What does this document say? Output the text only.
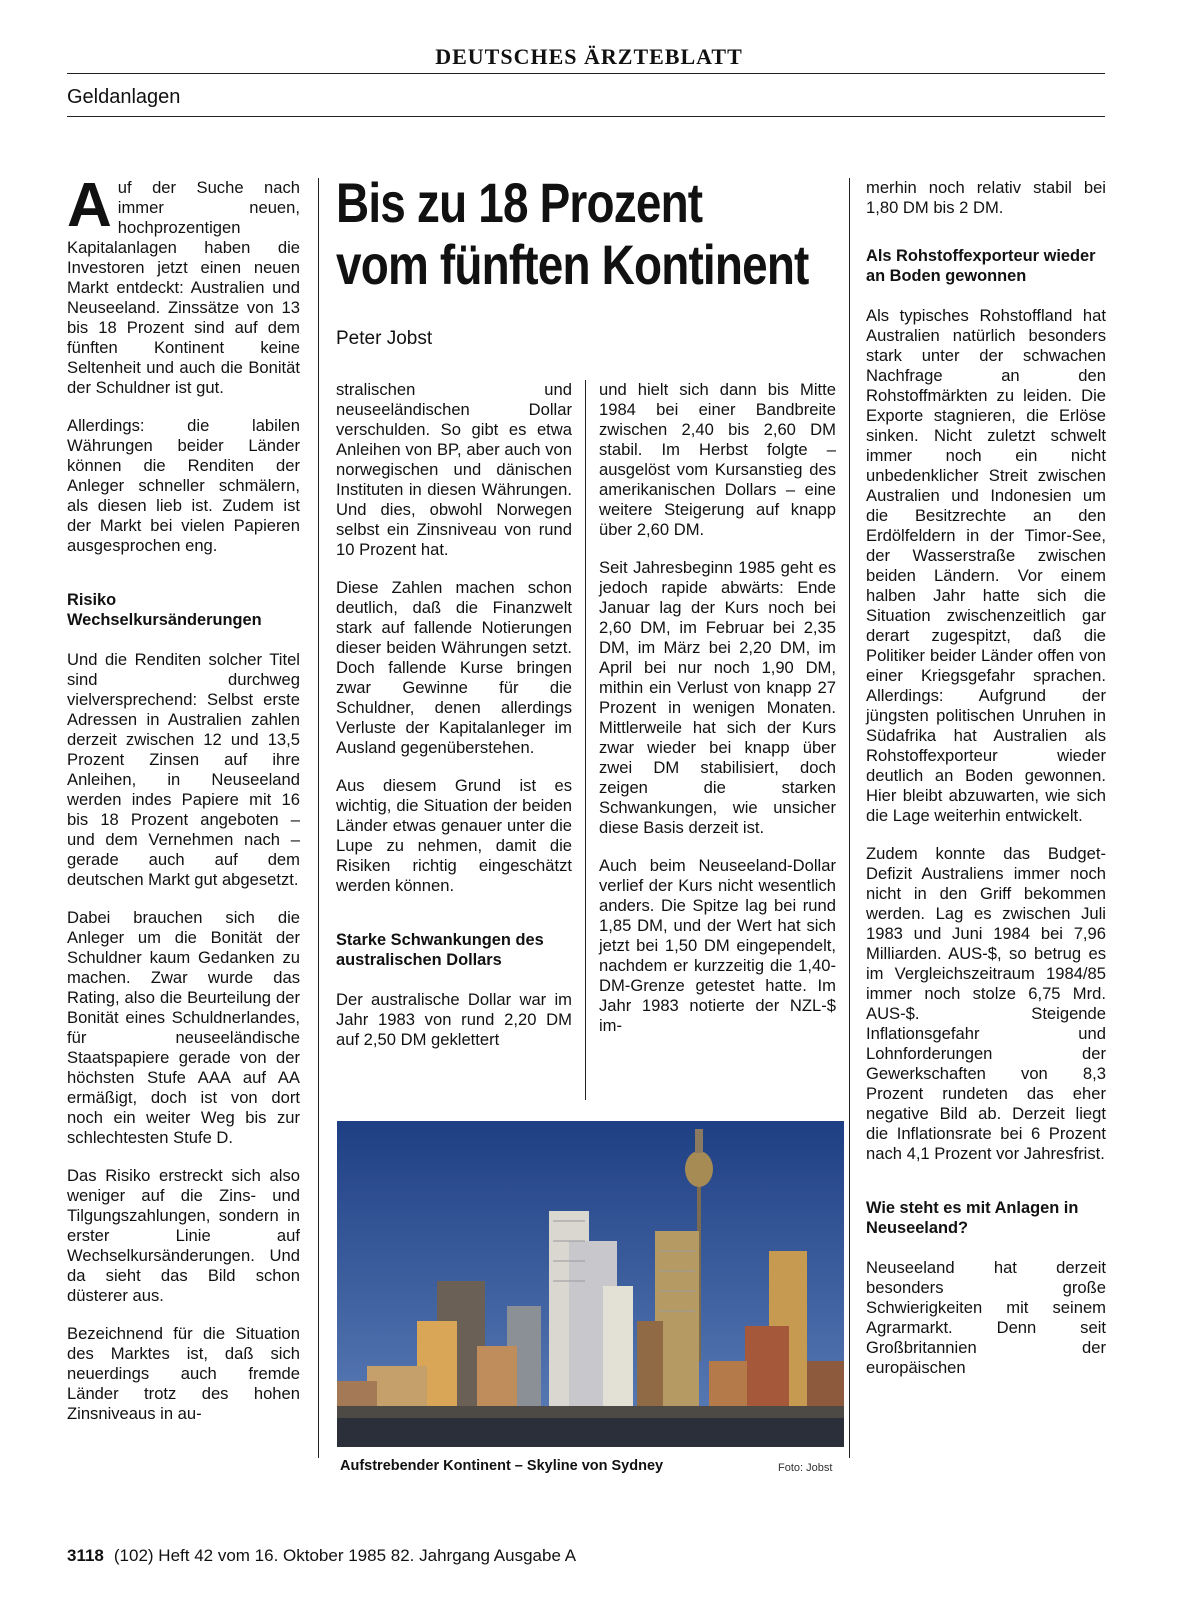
DEUTSCHES ÄRZTEBLATT
Geldanlagen

Auf der Suche nach immer neuen, hochprozentigen Kapitalanlagen haben die Investoren jetzt einen neuen Markt entdeckt: Australien und Neuseeland. Zinssätze von 13 bis 18 Prozent sind auf dem fünften Kontinent keine Seltenheit und auch die Bonität der Schuldner ist gut.

Allerdings: die labilen Währungen beider Länder können die Renditen der Anleger schneller schmälern, als diesen lieb ist. Zudem ist der Markt bei vielen Papieren ausgesprochen eng.

Risiko Wechselkursänderungen

Und die Renditen solcher Titel sind durchweg vielversprechend: Selbst erste Adressen in Australien zahlen derzeit zwischen 12 und 13,5 Prozent Zinsen auf ihre Anleihen, in Neuseeland werden indes Papiere mit 16 bis 18 Prozent angeboten – und dem Vernehmen nach – gerade auch auf dem deutschen Markt gut abgesetzt.

Dabei brauchen sich die Anleger um die Bonität der Schuldner kaum Gedanken zu machen. Zwar wurde das Rating, also die Beurteilung der Bonität eines Schuldnerlandes, für neuseeländische Staatspapiere gerade von der höchsten Stufe AAA auf AA ermäßigt, doch ist von dort noch ein weiter Weg bis zur schlechtesten Stufe D.

Das Risiko erstreckt sich also weniger auf die Zins- und Tilgungszahlungen, sondern in erster Linie auf Wechselkursänderungen. Und da sieht das Bild schon düsterer aus.

Bezeichnend für die Situation des Marktes ist, daß sich neuerdings auch fremde Länder trotz des hohen Zinsniveaus in au-

Bis zu 18 Prozent
vom fünften Kontinent
Peter Jobst

stralischen und neuseeländischen Dollar verschulden. So gibt es etwa Anleihen von BP, aber auch von norwegischen und dänischen Instituten in diesen Währungen. Und dies, obwohl Norwegen selbst ein Zinsniveau von rund 10 Prozent hat.

Diese Zahlen machen schon deutlich, daß die Finanzwelt stark auf fallende Notierungen dieser beiden Währungen setzt. Doch fallende Kurse bringen zwar Gewinne für die Schuldner, denen allerdings Verluste der Kapitalanleger im Ausland gegenüberstehen.

Aus diesem Grund ist es wichtig, die Situation der beiden Länder etwas genauer unter die Lupe zu nehmen, damit die Risiken richtig eingeschätzt werden können.

Starke Schwankungen des australischen Dollars

Der australische Dollar war im Jahr 1983 von rund 2,20 DM auf 2,50 DM geklettert

und hielt sich dann bis Mitte 1984 bei einer Bandbreite zwischen 2,40 bis 2,60 DM stabil. Im Herbst folgte – ausgelöst vom Kursanstieg des amerikanischen Dollars – eine weitere Steigerung auf knapp über 2,60 DM.

Seit Jahresbeginn 1985 geht es jedoch rapide abwärts: Ende Januar lag der Kurs noch bei 2,60 DM, im Februar bei 2,35 DM, im März bei 2,20 DM, im April bei nur noch 1,90 DM, mithin ein Verlust von knapp 27 Prozent in wenigen Monaten. Mittlerweile hat sich der Kurs zwar wieder bei knapp über zwei DM stabilisiert, doch zeigen die starken Schwankungen, wie unsicher diese Basis derzeit ist.

Auch beim Neuseeland-Dollar verlief der Kurs nicht wesentlich anders. Die Spitze lag bei rund 1,85 DM, und der Wert hat sich jetzt bei 1,50 DM eingependelt, nachdem er kurzzeitig die 1,40-DM-Grenze getestet hatte. Im Jahr 1983 notierte der NZL-$ im-

merhin noch relativ stabil bei 1,80 DM bis 2 DM.

Als Rohstoffexporteur wieder an Boden gewonnen

Als typisches Rohstoffland hat Australien natürlich besonders stark unter der schwachen Nachfrage an den Rohstoffmärkten zu leiden. Die Exporte stagnieren, die Erlöse sinken. Nicht zuletzt schwelt immer noch ein nicht unbedenklicher Streit zwischen Australien und Indonesien um die Besitzrechte an den Erdölfeldern in der Timor-See, der Wasserstraße zwischen beiden Ländern. Vor einem halben Jahr hatte sich die Situation zwischenzeitlich gar derart zugespitzt, daß die Politiker beider Länder offen von einer Kriegsgefahr sprachen. Allerdings: Aufgrund der jüngsten politischen Unruhen in Südafrika hat Australien als Rohstoffexporteur wieder deutlich an Boden gewonnen. Hier bleibt abzuwarten, wie sich die Lage weiterhin entwickelt.

Zudem konnte das Budget-Defizit Australiens immer noch nicht in den Griff bekommen werden. Lag es zwischen Juli 1983 und Juni 1984 bei 7,96 Milliarden. AUS-$, so betrug es im Vergleichszeitraum 1984/85 immer noch stolze 6,75 Mrd. AUS-$. Steigende Inflationsgefahr und Lohnforderungen der Gewerkschaften von 8,3 Prozent rundeten das eher negative Bild ab. Derzeit liegt die Inflationsrate bei 6 Prozent nach 4,1 Prozent vor Jahresfrist.

Wie steht es mit Anlagen in Neuseeland?

Neuseeland hat derzeit besonders große Schwierigkeiten mit seinem Agrarmarkt. Denn seit Großbritannien der europäischen

Aufstrebender Kontinent – Skyline von Sydney	Foto: Jobst
3118 (102) Heft 42 vom 16. Oktober 1985 82. Jahrgang Ausgabe A
